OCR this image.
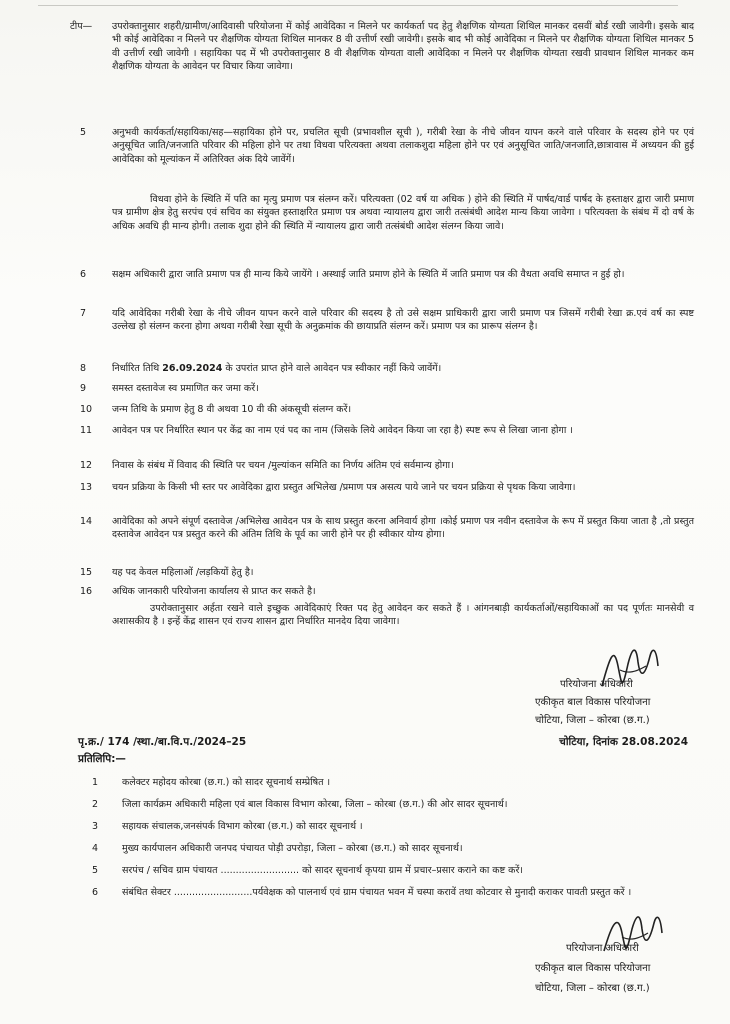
टीप—	उपरोक्तानुसार शहरी/ग्रामीण/आदिवासी परियोजना में कोई आवेदिका न मिलने पर कार्यकर्ता पद हेतु शैक्षणिक योग्यता शिथिल मानकर दसवीं बोर्ड रखी जावेगी। इसके बाद भी कोई आवेदिका न मिलने पर शैक्षणिक योग्यता शिथिल मानकर 8 वी उत्तीर्ण रखी जावेगी। इसके बाद भी कोई आवेदिका न मिलने पर शैक्षणिक योग्यता शिथिल मानकर 5 वी उत्तीर्ण रखी जावेगी । सहायिका पद में भी उपरोक्तानुसार 8 वी शैक्षणिक योग्यता वाली आवेदिका न मिलने पर शैक्षणिक योग्यता रखवी प्रावधान शिथिल मानकर कम शैक्षणिक योग्यता के आवेदन पर विचार किया जावेगा।
5	अनुभवी कार्यकर्ता/सहायिका/सह—सहायिका होने पर, प्रचलित सूची (प्रभावशील सूची ), गरीबी रेखा के नीचे जीवन यापन करने वाले परिवार के सदस्य होने पर एवं अनुसूचित जाति/जनजाति परिवार की महिला होने पर तथा विधवा परित्यक्ता अथवा तलाकशुदा महिला होने पर एवं अनुसूचित जाति/जनजाति,छात्रावास में अध्ययन की हुई आवेदिका को मूल्यांकन में अतिरिक्त अंक दिये जावेंगें।
विधवा होने के स्थिति में पति का मृत्यु प्रमाण पत्र संलग्न करें। परित्यक्ता (02 वर्ष या अधिक ) होने की स्थिति में पार्षद/वार्ड पार्षद के हस्ताक्षर द्वारा जारी प्रमाण पत्र ग्रामीण क्षेत्र हेतु सरपंच एवं सचिव का संयुक्त हस्ताक्षरित प्रमाण पत्र अथवा न्यायालय द्वारा जारी तत्संबंधी आदेश मान्य किया जावेगा । परित्यक्ता के संबंध में दो वर्ष के अधिक अवधि ही मान्य होगी। तलाक शुदा होने की स्थिति में न्यायालय द्वारा जारी तत्संबंधी आदेश संलग्न किया जावे।
6	सक्षम अधिकारी द्वारा जाति प्रमाण पत्र ही मान्य किये जायेंगे । अस्थाई जाति प्रमाण होने के स्थिति में जाति प्रमाण पत्र की वैधता अवधि समाप्त न हुई हो।
7	यदि आवेदिका गरीबी रेखा के नीचे जीवन यापन करने वाले परिवार की सदस्य है तो उसे सक्षम प्राधिकारी द्वारा जारी प्रमाण पत्र जिसमें गरीबी रेखा क्र.एवं वर्ष का स्पष्ट उल्लेख हो संलग्न करना होगा अथवा गरीबी रेखा सूची के अनुक्रमांक की छायाप्रति संलग्न करें। प्रमाण पत्र का प्रारूप संलग्न है।
8	निर्धारित तिथि 26.09.2024 के उपरांत प्राप्त होने वाले आवेदन पत्र स्वीकार नहीं किये जावेंगें।
9	समस्त दस्तावेज स्व प्रमाणित कर जमा करें।
10	जन्म तिथि के प्रमाण हेतु 8 वी अथवा 10 वी की अंकसूची संलग्न करें।
11	आवेदन पत्र पर निर्धारित स्थान पर केंद्र का नाम एवं पद का नाम (जिसके लिये आवेदन किया जा रहा है) स्पष्ट रूप से लिखा जाना होगा ।
12	निवास के संबंध में विवाद की स्थिति पर चयन /मुल्यांकन समिति का निर्णय अंतिम एवं सर्वमान्य होगा।
13	चयन प्रक्रिया के किसी भी स्तर पर आवेदिका द्वारा प्रस्तुत अभिलेख /प्रमाण पत्र असत्य पाये जाने पर चयन प्रक्रिया से पृथक किया जावेगा।
14	आवेदिका को अपने संपूर्ण दस्तावेज /अभिलेख आवेदन पत्र के साथ प्रस्तुत करना अनिवार्य होगा ।कोई प्रमाण पत्र नवीन दस्तावेज के रूप में प्रस्तुत किया जाता है ,तो प्रस्तुत दस्तावेज आवेदन पत्र प्रस्तुत करने की अंतिम तिथि के पूर्व का जारी होने पर ही स्वीकार योग्य होगा।
15	यह पद केवल महिलाओं /लड़कियों हेतु है।
16	अधिक जानकारी परियोजना कार्यालय से प्राप्त कर सकते है।
उपरोक्तानुसार अर्हता रखने वाले इच्छुक आवेदिकाएं रिक्त पद हेतु आवेदन कर सकते हैं । आंगनबाड़ी कार्यकर्ताओं/सहायिकाओं का पद पूर्णतः मानसेवी व अशासकीय है । इन्हें केंद्र शासन एवं राज्य शासन द्वारा निर्धारित मानदेय दिया जावेगा।
परियोजना अधिकारी
एकीकृत बाल विकास परियोजना
चोटिया, जिला – कोरबा (छ.ग.)
पृ.क्र./ 174 /स्था./बा.वि.प./2024–25	चोटिया, दिनांक 28.08.2024
प्रतिलिपि:—
1	कलेक्टर महोदय कोरबा (छ.ग.) को सादर सूचनार्थ सम्प्रेषित ।
2	जिला कार्यक्रम अधिकारी महिला एवं बाल विकास विभाग कोरबा, जिला – कोरबा (छ.ग.) की ओर सादर सूचनार्थ।
3	सहायक संचालक,जनसंपर्क विभाग कोरबा (छ.ग.) को सादर सूचनार्थ ।
4	मुख्य कार्यपालन अधिकारी जनपद पंचायत पोड़ी उपरोड़ा, जिला – कोरबा (छ.ग.) को सादर सूचनार्थ।
5	सरपंच / सचिव ग्राम पंचायत .......................... को सादर सूचनार्थ कृपया ग्राम में प्रचार–प्रसार कराने का कष्ट करें।
6	संबंधित सेक्टर ..........................पर्यवेक्षक को पालनार्थ एवं ग्राम पंचायत भवन में चस्पा करावें तथा कोटवार से मुनादी कराकर पावती प्रस्तुत करें ।
परियोजना अधिकारी
एकीकृत बाल विकास परियोजना
चोटिया, जिला – कोरबा (छ.ग.)
